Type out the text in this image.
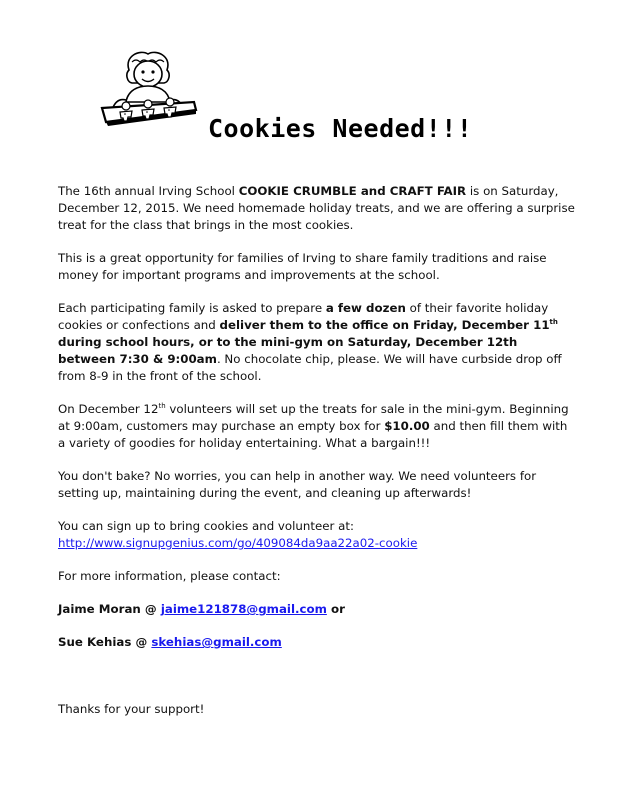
Cookies Needed!!!

The 16th annual Irving School COOKIE CRUMBLE and CRAFT FAIR is on Saturday, December 12, 2015. We need homemade holiday treats, and we are offering a surprise treat for the class that brings in the most cookies.

This is a great opportunity for families of Irving to share family traditions and raise money for important programs and improvements at the school.

Each participating family is asked to prepare a few dozen of their favorite holiday cookies or confections and deliver them to the office on Friday, December 11th during school hours, or to the mini-gym on Saturday, December 12th between 7:30 & 9:00am. No chocolate chip, please. We will have curbside drop off from 8-9 in the front of the school.

On December 12th volunteers will set up the treats for sale in the mini-gym. Beginning at 9:00am, customers may purchase an empty box for $10.00 and then fill them with a variety of goodies for holiday entertaining. What a bargain!!!

You don't bake? No worries, you can help in another way. We need volunteers for setting up, maintaining during the event, and cleaning up afterwards!

You can sign up to bring cookies and volunteer at:
http://www.signupgenius.com/go/409084da9aa22a02-cookie

For more information, please contact:

Jaime Moran @ jaime121878@gmail.com or

Sue Kehias @ skehias@gmail.com

Thanks for your support!
